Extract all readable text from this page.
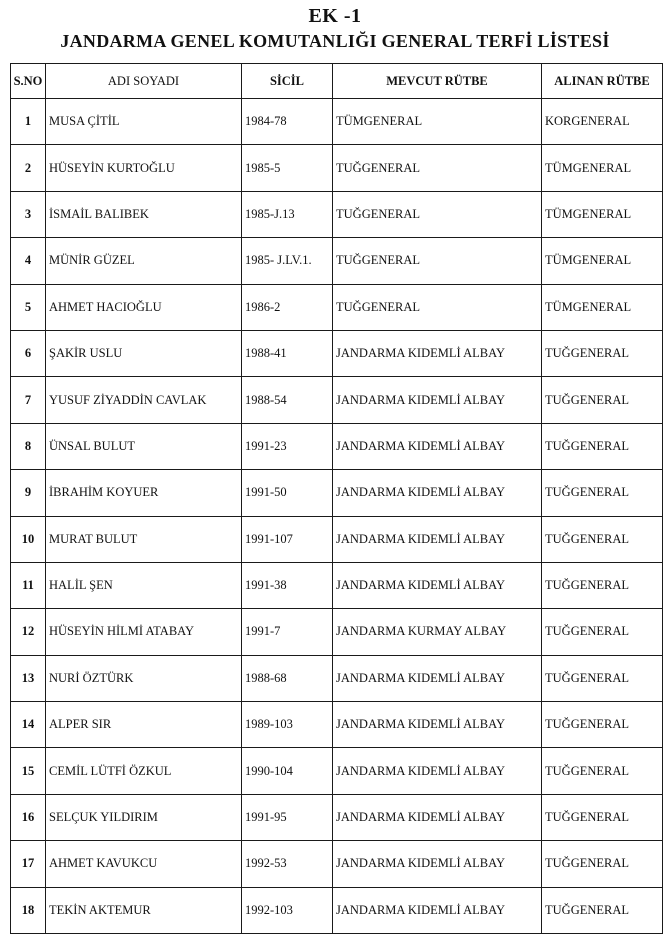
EK -1
JANDARMA GENEL KOMUTANLIĞI GENERAL TERFİ LİSTESİ
S.NO	ADI SOYADI	SİCİL	MEVCUT RÜTBE	ALINAN RÜTBE
1	MUSA ÇİTİL	1984-78	TÜMGENERAL	KORGENERAL
2	HÜSEYİN KURTOĞLU	1985-5	TUĞGENERAL	TÜMGENERAL
3	İSMAİL BALIBEK	1985-J.13	TUĞGENERAL	TÜMGENERAL
4	MÜNİR GÜZEL	1985- J.LV.1.	TUĞGENERAL	TÜMGENERAL
5	AHMET HACIOĞLU	1986-2	TUĞGENERAL	TÜMGENERAL
6	ŞAKİR USLU	1988-41	JANDARMA KIDEMLİ ALBAY	TUĞGENERAL
7	YUSUF ZİYADDİN CAVLAK	1988-54	JANDARMA KIDEMLİ ALBAY	TUĞGENERAL
8	ÜNSAL BULUT	1991-23	JANDARMA KIDEMLİ ALBAY	TUĞGENERAL
9	İBRAHİM KOYUER	1991-50	JANDARMA KIDEMLİ ALBAY	TUĞGENERAL
10	MURAT BULUT	1991-107	JANDARMA KIDEMLİ ALBAY	TUĞGENERAL
11	HALİL ŞEN	1991-38	JANDARMA KIDEMLİ ALBAY	TUĞGENERAL
12	HÜSEYİN HİLMİ ATABAY	1991-7	JANDARMA KURMAY ALBAY	TUĞGENERAL
13	NURİ ÖZTÜRK	1988-68	JANDARMA KIDEMLİ ALBAY	TUĞGENERAL
14	ALPER SIR	1989-103	JANDARMA KIDEMLİ ALBAY	TUĞGENERAL
15	CEMİL LÜTFİ ÖZKUL	1990-104	JANDARMA KIDEMLİ ALBAY	TUĞGENERAL
16	SELÇUK YILDIRIM	1991-95	JANDARMA KIDEMLİ ALBAY	TUĞGENERAL
17	AHMET KAVUKCU	1992-53	JANDARMA KIDEMLİ ALBAY	TUĞGENERAL
18	TEKİN AKTEMUR	1992-103	JANDARMA KIDEMLİ ALBAY	TUĞGENERAL
